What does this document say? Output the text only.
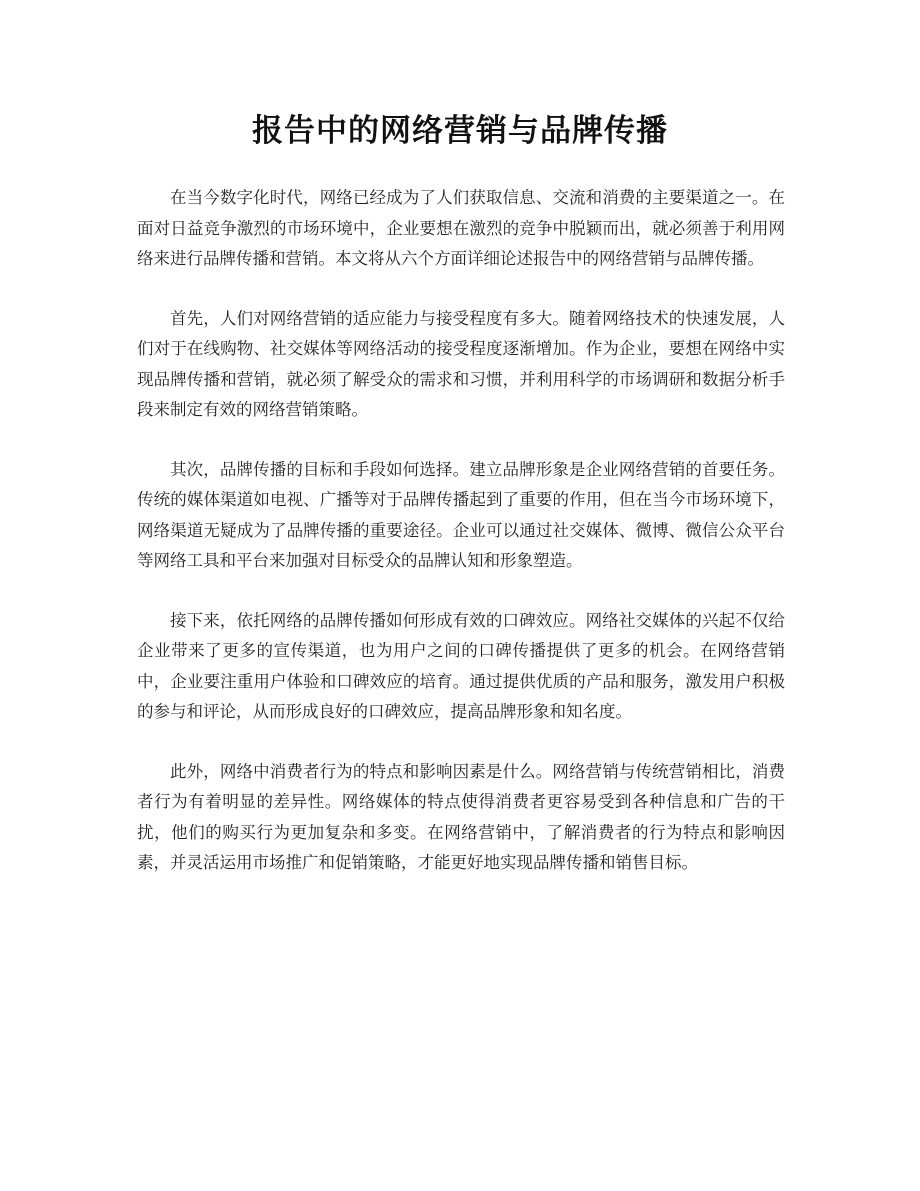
报告中的网络营销与品牌传播

在当今数字化时代，网络已经成为了人们获取信息、交流和消费的主要渠道之一。在面对日益竞争激烈的市场环境中，企业要想在激烈的竞争中脱颖而出，就必须善于利用网络来进行品牌传播和营销。本文将从六个方面详细论述报告中的网络营销与品牌传播。

首先，人们对网络营销的适应能力与接受程度有多大。随着网络技术的快速发展，人们对于在线购物、社交媒体等网络活动的接受程度逐渐增加。作为企业，要想在网络中实现品牌传播和营销，就必须了解受众的需求和习惯，并利用科学的市场调研和数据分析手段来制定有效的网络营销策略。

其次，品牌传播的目标和手段如何选择。建立品牌形象是企业网络营销的首要任务。传统的媒体渠道如电视、广播等对于品牌传播起到了重要的作用，但在当今市场环境下，网络渠道无疑成为了品牌传播的重要途径。企业可以通过社交媒体、微博、微信公众平台等网络工具和平台来加强对目标受众的品牌认知和形象塑造。

接下来，依托网络的品牌传播如何形成有效的口碑效应。网络社交媒体的兴起不仅给企业带来了更多的宣传渠道，也为用户之间的口碑传播提供了更多的机会。在网络营销中，企业要注重用户体验和口碑效应的培育。通过提供优质的产品和服务，激发用户积极的参与和评论，从而形成良好的口碑效应，提高品牌形象和知名度。

此外，网络中消费者行为的特点和影响因素是什么。网络营销与传统营销相比，消费者行为有着明显的差异性。网络媒体的特点使得消费者更容易受到各种信息和广告的干扰，他们的购买行为更加复杂和多变。在网络营销中，了解消费者的行为特点和影响因素，并灵活运用市场推广和促销策略，才能更好地实现品牌传播和销售目标。
